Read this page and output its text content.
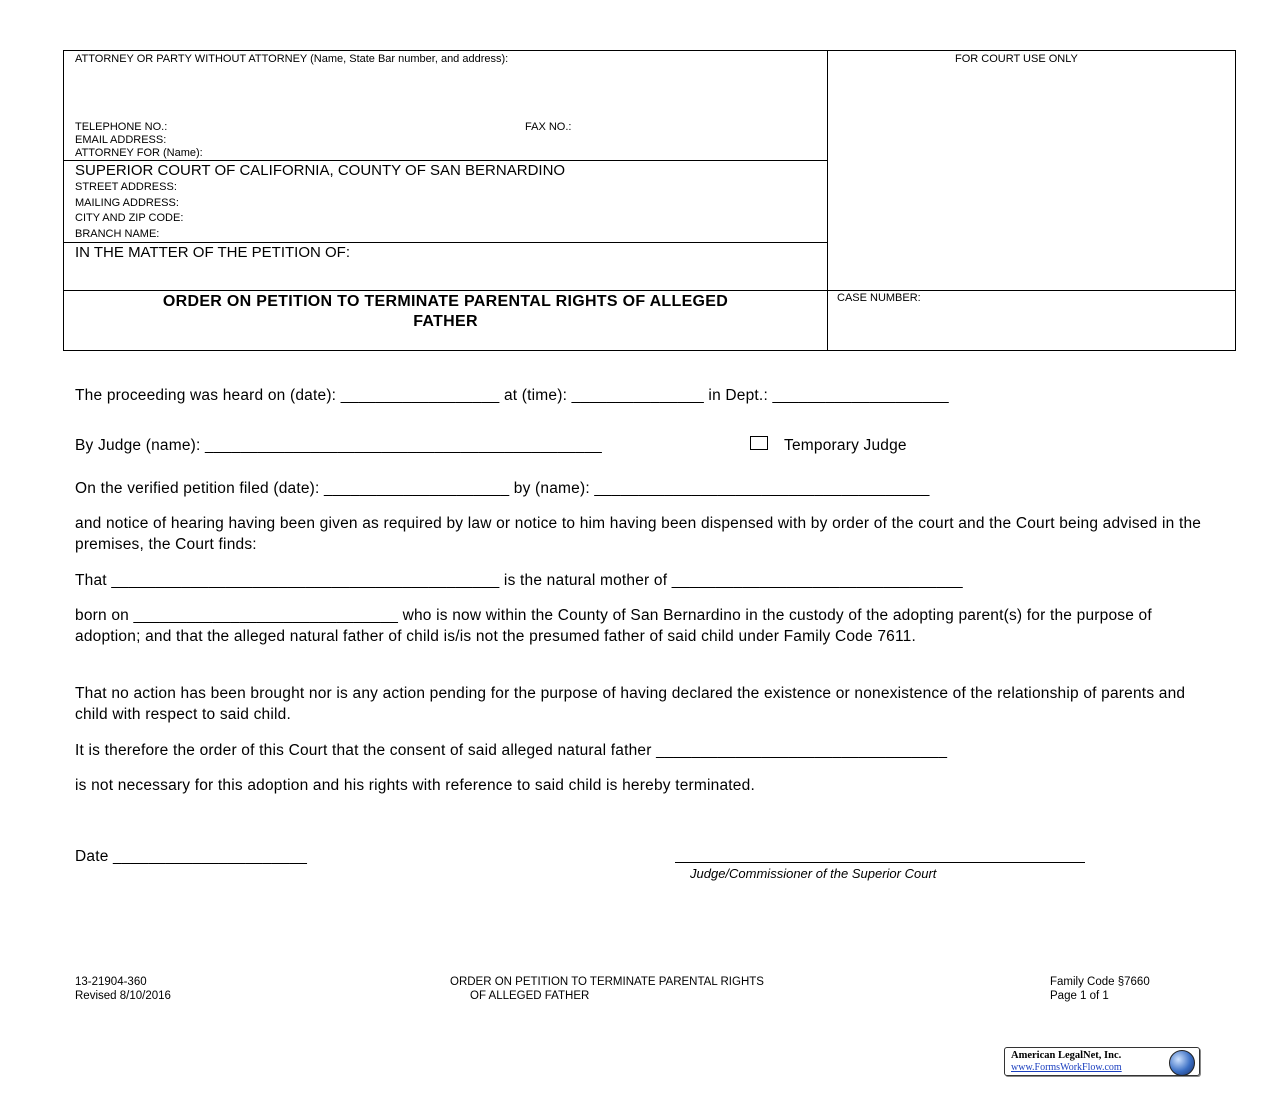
ATTORNEY OR PARTY WITHOUT ATTORNEY (Name, State Bar number, and address):
TELEPHONE NO.:	FAX NO.:
EMAIL ADDRESS:
ATTORNEY FOR (Name):
FOR COURT USE ONLY
SUPERIOR COURT OF CALIFORNIA, COUNTY OF SAN BERNARDINO
STREET ADDRESS:
MAILING ADDRESS:
CITY AND ZIP CODE:
BRANCH NAME:
IN THE MATTER OF THE PETITION OF:
ORDER ON PETITION TO TERMINATE PARENTAL RIGHTS OF ALLEGED
FATHER
CASE NUMBER:
The proceeding was heard on (date): __________________ at (time): _______________ in Dept.: ____________________
By Judge (name): _____________________________________________	Temporary Judge
On the verified petition filed (date): _____________________ by (name): ______________________________________
and notice of hearing having been given as required by law or notice to him having been dispensed with by order of the court and the Court being advised in the premises, the Court finds:
That ____________________________________________ is the natural mother of _________________________________
born on ______________________________ who is now within the County of San Bernardino in the custody of the adopting parent(s) for the purpose of adoption; and that the alleged natural father of child is/is not the presumed father of said child under Family Code 7611.
That no action has been brought nor is any action pending for the purpose of having declared the existence or nonexistence of the relationship of parents and child with respect to said child.
It is therefore the order of this Court that the consent of said alleged natural father _________________________________
is not necessary for this adoption and his rights with reference to said child is hereby terminated.
Date ______________________
Judge/Commissioner of the Superior Court
13-21904-360
Revised 8/10/2016
ORDER ON PETITION TO TERMINATE PARENTAL RIGHTS
OF ALLEGED FATHER
Family Code §7660
Page 1 of 1
American LegalNet, Inc.
www.FormsWorkFlow.com
